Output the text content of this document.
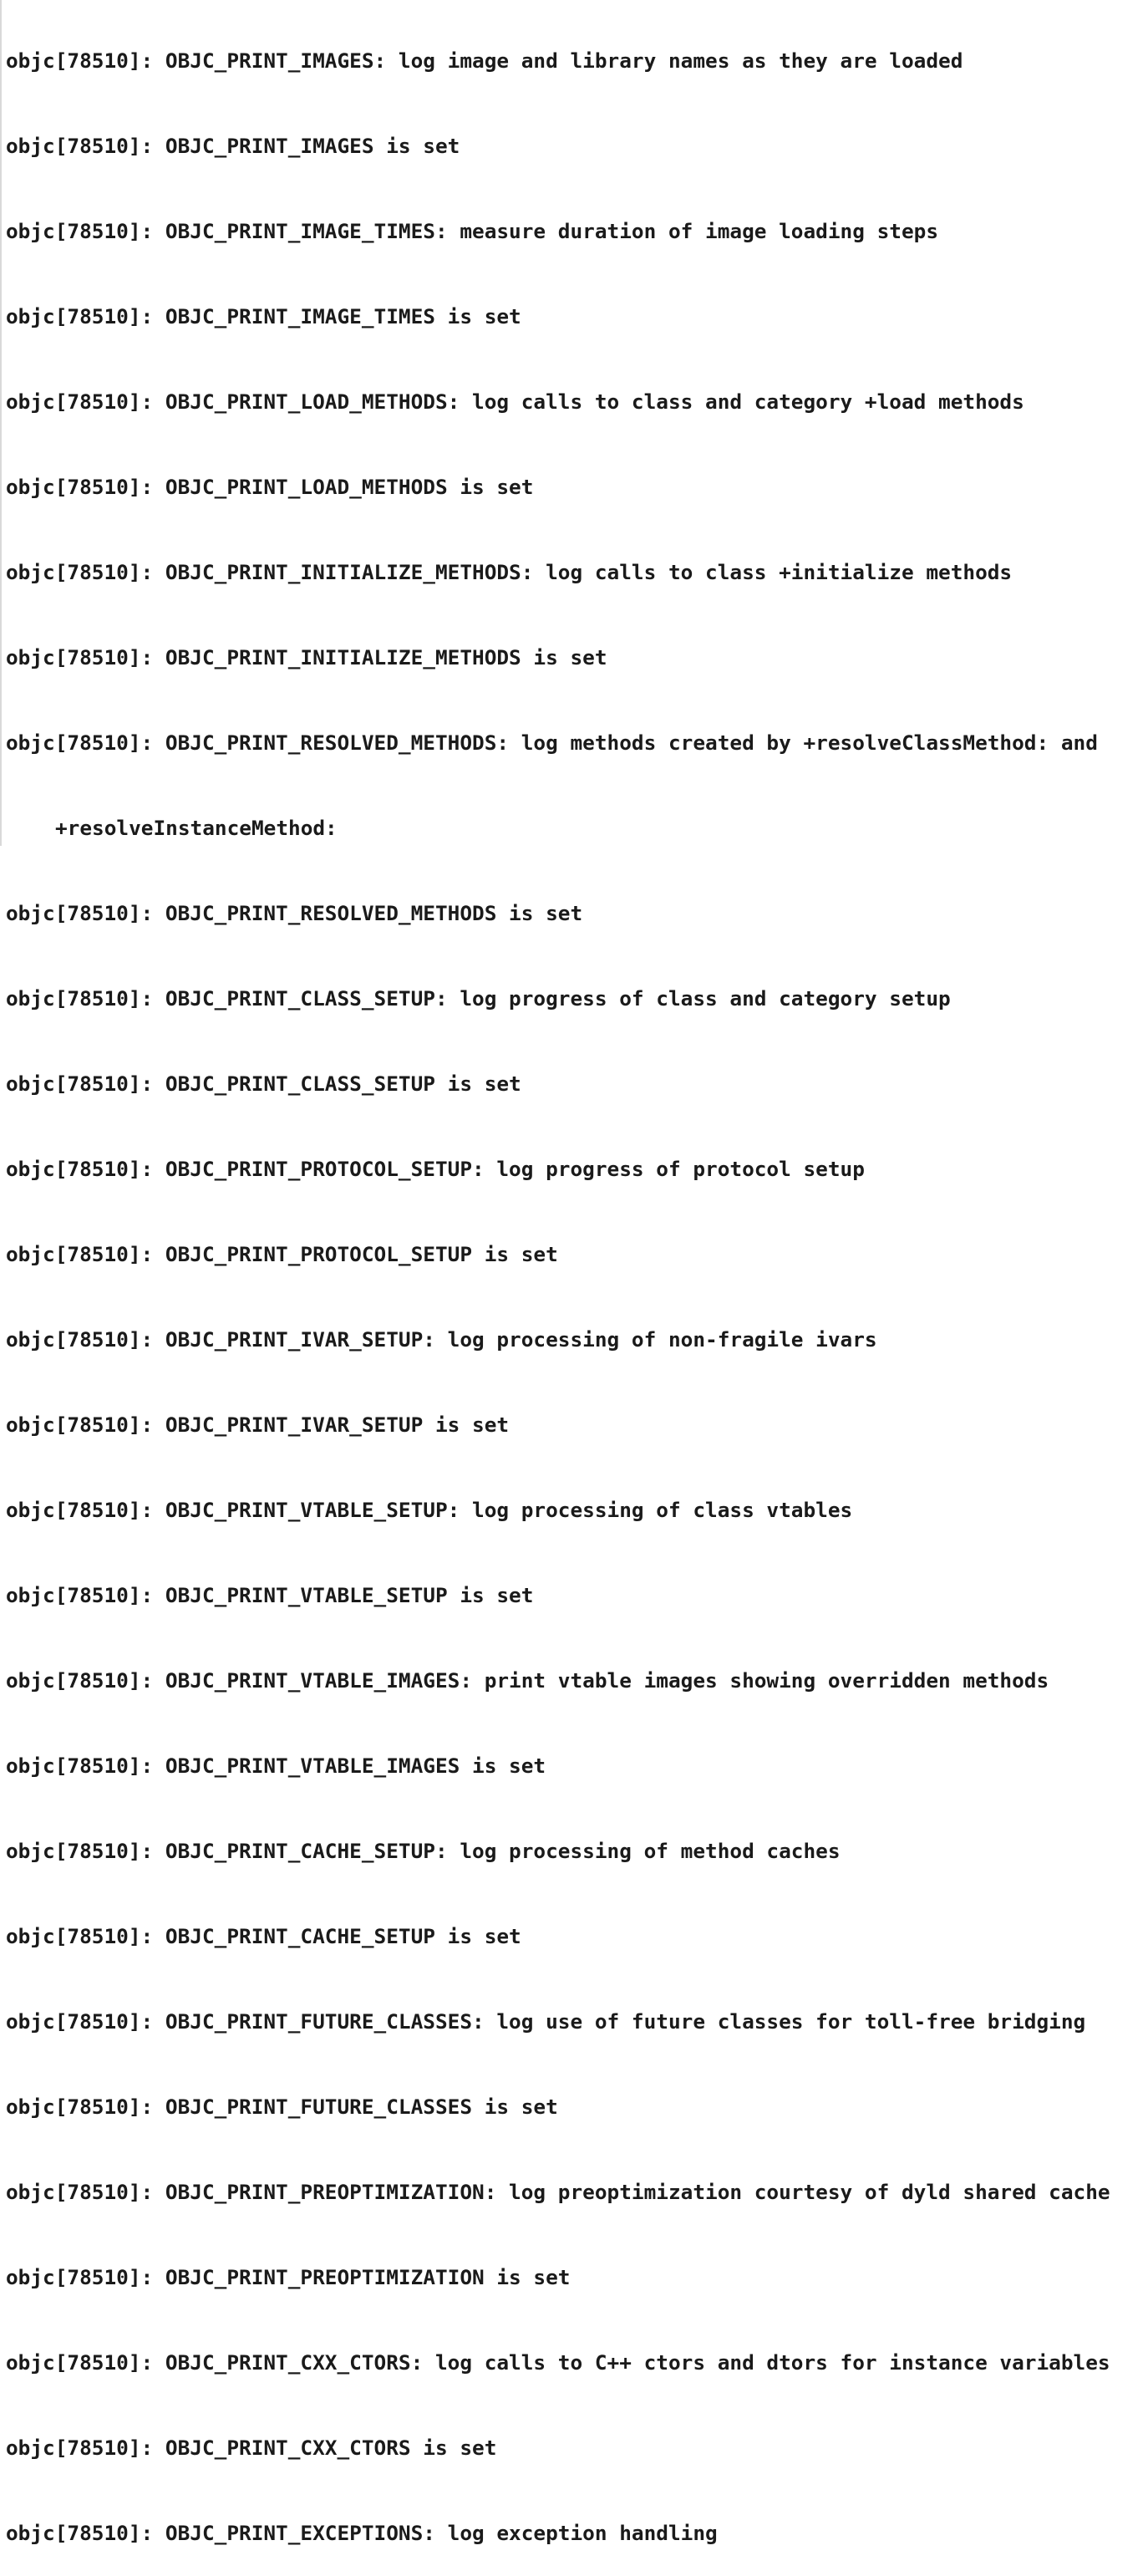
objc[78510]: OBJC_PRINT_IMAGES: log image and library names as they are loaded

objc[78510]: OBJC_PRINT_IMAGES is set

objc[78510]: OBJC_PRINT_IMAGE_TIMES: measure duration of image loading steps

objc[78510]: OBJC_PRINT_IMAGE_TIMES is set

objc[78510]: OBJC_PRINT_LOAD_METHODS: log calls to class and category +load methods

objc[78510]: OBJC_PRINT_LOAD_METHODS is set

objc[78510]: OBJC_PRINT_INITIALIZE_METHODS: log calls to class +initialize methods

objc[78510]: OBJC_PRINT_INITIALIZE_METHODS is set

objc[78510]: OBJC_PRINT_RESOLVED_METHODS: log methods created by +resolveClassMethod: and

+resolveInstanceMethod:

objc[78510]: OBJC_PRINT_RESOLVED_METHODS is set

objc[78510]: OBJC_PRINT_CLASS_SETUP: log progress of class and category setup

objc[78510]: OBJC_PRINT_CLASS_SETUP is set

objc[78510]: OBJC_PRINT_PROTOCOL_SETUP: log progress of protocol setup

objc[78510]: OBJC_PRINT_PROTOCOL_SETUP is set

objc[78510]: OBJC_PRINT_IVAR_SETUP: log processing of non-fragile ivars

objc[78510]: OBJC_PRINT_IVAR_SETUP is set

objc[78510]: OBJC_PRINT_VTABLE_SETUP: log processing of class vtables

objc[78510]: OBJC_PRINT_VTABLE_SETUP is set

objc[78510]: OBJC_PRINT_VTABLE_IMAGES: print vtable images showing overridden methods

objc[78510]: OBJC_PRINT_VTABLE_IMAGES is set

objc[78510]: OBJC_PRINT_CACHE_SETUP: log processing of method caches

objc[78510]: OBJC_PRINT_CACHE_SETUP is set

objc[78510]: OBJC_PRINT_FUTURE_CLASSES: log use of future classes for toll-free bridging

objc[78510]: OBJC_PRINT_FUTURE_CLASSES is set

objc[78510]: OBJC_PRINT_PREOPTIMIZATION: log preoptimization courtesy of dyld shared cache

objc[78510]: OBJC_PRINT_PREOPTIMIZATION is set

objc[78510]: OBJC_PRINT_CXX_CTORS: log calls to C++ ctors and dtors for instance variables

objc[78510]: OBJC_PRINT_CXX_CTORS is set

objc[78510]: OBJC_PRINT_EXCEPTIONS: log exception handling
